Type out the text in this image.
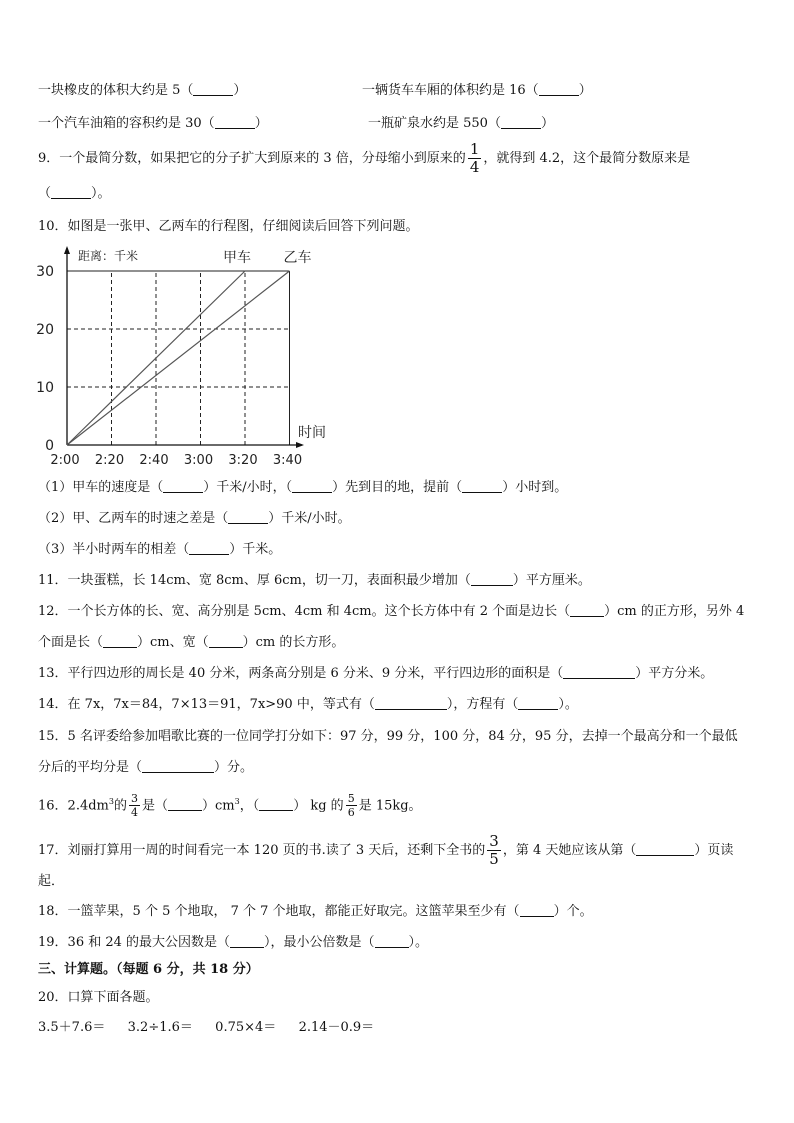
一块橡皮的体积大约是 5（	）	一辆货车车厢的体积约是 16（	）
一个汽车油箱的容积约是 30（	）	一瓶矿泉水约是 550（	）
9．一个最简分数，如果把它的分子扩大到原来的 3 倍，分母缩小到原来的 $\frac{1}{4}$ ，就得到 4.2，这个最简分数原来是
（	）。
10．如图是一张甲、乙两车的行程图，仔细阅读后回答下列问题。
0
10
20
30
2:00 2:20 2:40 3:00 3:20 3:40
距离：千米
时间
甲车 乙车
（1）甲车的速度是（	）千米/小时，（	）先到目的地，提前（	）小时到。
（2）甲、乙两车的时速之差是（	）千米/小时。
（3）半小时两车的相差（	）千米。
11．一块蛋糕，长 14cm、宽 8cm、厚 6cm，切一刀，表面积最少增加（	）平方厘米。
12．一个长方体的长、宽、高分别是 5cm、4cm 和 4cm。这个长方体中有 2 个面是边长（	）cm 的正方形，另外 4
个面是长（	）cm、宽（	）cm 的长方形。
13．平行四边形的周长是 40 分米，两条高分别是 6 分米、9 分米，平行四边形的面积是（	）平方分米。
14．在 7x，7x＝84，7×13＝91，7x>90 中，等式有（	），方程有（	）。
15．5 名评委给参加唱歌比赛的一位同学打分如下：97 分，99 分，100 分，84 分，95 分，去掉一个最高分和一个最低
分后的平均分是（	）分。
16．$2.4dm^3$的 $\frac{3}{4}$ 是（	）$cm^3$，（	） kg 的 $\frac{5}{6}$ 是 15kg。
17．刘丽打算用一周的时间看完一本 120 页的书.读了 3 天后，还剩下全书的 $\frac{3}{5}$ ，第 4 天她应该从第（	）页读
起．
18．一篮苹果，5 个 5 个地取， 7 个 7 个地取，都能正好取完。这篮苹果至少有（	）个。
19．36 和 24 的最大公因数是（	），最小公倍数是（	）。
三、计算题。（每题 6 分，共 18 分）
20．口算下面各题。
3.5＋7.6＝ 3.2÷1.6＝ 0.75×4＝ 2.14－0.9＝
